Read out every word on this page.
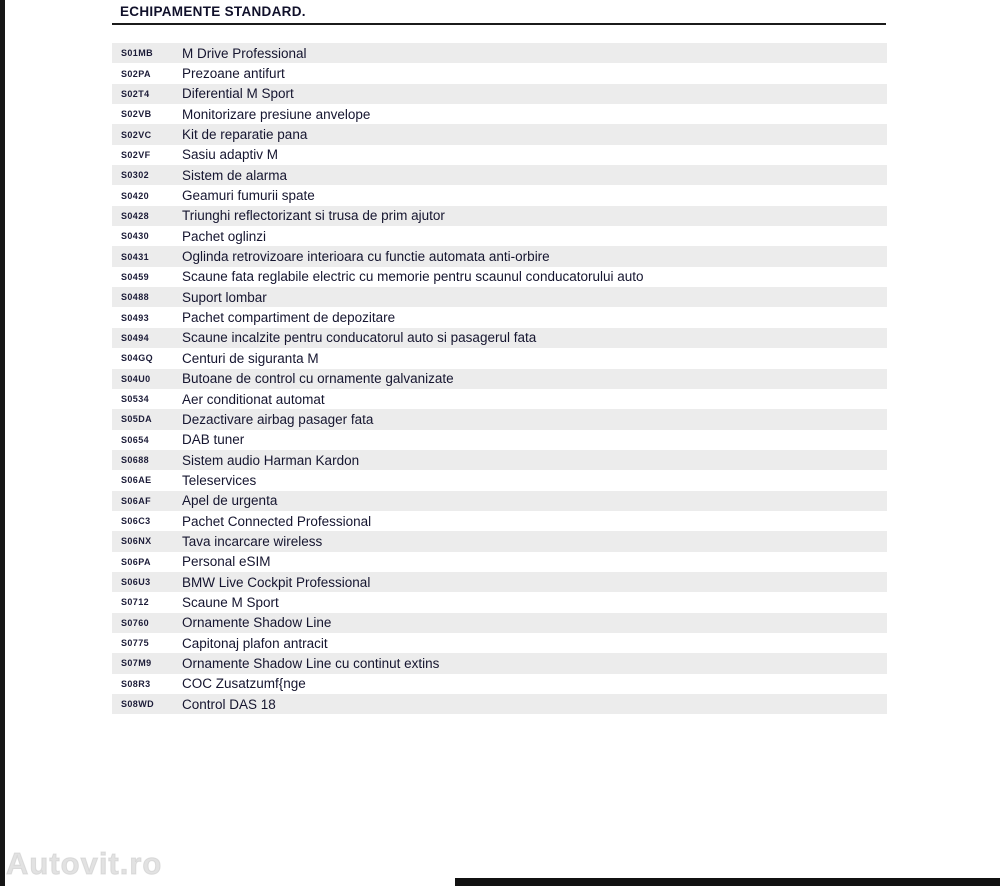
ECHIPAMENTE STANDARD.
S01MB	M Drive Professional
S02PA	Prezoane antifurt
S02T4	Diferential M Sport
S02VB	Monitorizare presiune anvelope
S02VC	Kit de reparatie pana
S02VF	Sasiu adaptiv M
S0302	Sistem de alarma
S0420	Geamuri fumurii spate
S0428	Triunghi reflectorizant si trusa de prim ajutor
S0430	Pachet oglinzi
S0431	Oglinda retrovizoare interioara cu functie automata anti-orbire
S0459	Scaune fata reglabile electric cu memorie pentru scaunul conducatorului auto
S0488	Suport lombar
S0493	Pachet compartiment de depozitare
S0494	Scaune incalzite pentru conducatorul auto si pasagerul fata
S04GQ	Centuri de siguranta M
S04U0	Butoane de control cu ornamente galvanizate
S0534	Aer conditionat automat
S05DA	Dezactivare airbag pasager fata
S0654	DAB tuner
S0688	Sistem audio Harman Kardon
S06AE	Teleservices
S06AF	Apel de urgenta
S06C3	Pachet Connected Professional
S06NX	Tava incarcare wireless
S06PA	Personal eSIM
S06U3	BMW Live Cockpit Professional
S0712	Scaune M Sport
S0760	Ornamente Shadow Line
S0775	Capitonaj plafon antracit
S07M9	Ornamente Shadow Line cu continut extins
S08R3	COC Zusatzumf{nge
S08WD	Control DAS 18
Autovit.ro
